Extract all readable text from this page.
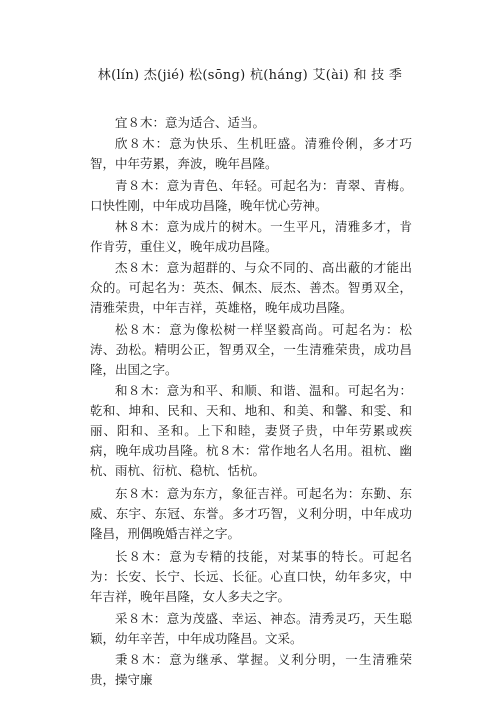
林(lín) 杰(jié) 松(sōng) 杭(háng) 艾(ài) 和 技 季

宜８木：意为适合、适当。

欣８木：意为快乐、生机旺盛。清雅伶俐，多才巧智，中年劳累，奔波，晚年昌隆。

青８木：意为青色、年轻。可起名为：青翠、青梅。口快性刚，中年成功昌隆，晚年忧心劳神。

林８木：意为成片的树木。一生平凡，清雅多才，肯作肯劳，重住义，晚年成功昌隆。

杰８木：意为超群的、与众不同的、高出蔽的才能出众的。可起名为：英杰、佩杰、辰杰、善杰。智勇双全，清雅荣贵，中年吉祥，英雄格，晚年成功昌隆。

松８木：意为像松树一样坚毅高尚。可起名为：松涛、劲松。精明公正，智勇双全，一生清雅荣贵，成功昌隆，出国之字。

和８木：意为和平、和顺、和谐、温和。可起名为：乾和、坤和、民和、天和、地和、和美、和馨、和雯、和丽、阳和、圣和。上下和睦，妻贤子贵，中年劳累或疾病，晚年成功昌隆。杭８木：常作地名人名用。祖杭、幽杭、雨杭、衍杭、稳杭、恬杭。

东８木：意为东方，象征吉祥。可起名为：东勤、东威、东宇、东冠、东誉。多才巧智，义利分明，中年成功隆昌，刑偶晚婚吉祥之字。

长８木：意为专精的技能，对某事的特长。可起名为：长安、长宁、长远、长征。心直口快，幼年多灾，中年吉祥，晚年昌隆，女人多夫之字。

采８木：意为茂盛、幸运、神态。清秀灵巧，天生聪颖，幼年辛苦，中年成功隆昌。文采。

秉８木：意为继承、掌握。义利分明，一生清雅荣贵，操守廉
